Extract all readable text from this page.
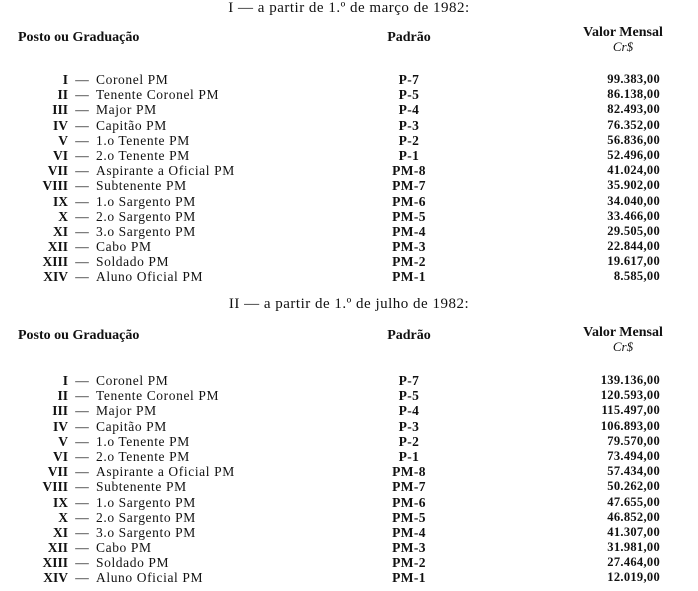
I — a partir de 1.º de março de 1982:
Posto ou Graduação	Padrão	Valor Mensal
Cr$
I — Coronel PM	P-7	99.383,00
II — Tenente Coronel PM	P-5	86.138,00
III — Major PM	P-4	82.493,00
IV — Capitão PM	P-3	76.352,00
V — 1.o Tenente PM	P-2	56.836,00
VI — 2.o Tenente PM	P-1	52.496,00
VII — Aspirante a Oficial PM	PM-8	41.024,00
VIII — Subtenente PM	PM-7	35.902,00
IX — 1.o Sargento PM	PM-6	34.040,00
X — 2.o Sargento PM	PM-5	33.466,00
XI — 3.o Sargento PM	PM-4	29.505,00
XII — Cabo PM	PM-3	22.844,00
XIII — Soldado PM	PM-2	19.617,00
XIV — Aluno Oficial PM	PM-1	8.585,00
II — a partir de 1.º de julho de 1982:
Posto ou Graduação	Padrão	Valor Mensal
Cr$
I — Coronel PM	P-7	139.136,00
II — Tenente Coronel PM	P-5	120.593,00
III — Major PM	P-4	115.497,00
IV — Capitão PM	P-3	106.893,00
V — 1.o Tenente PM	P-2	79.570,00
VI — 2.o Tenente PM	P-1	73.494,00
VII — Aspirante a Oficial PM	PM-8	57.434,00
VIII — Subtenente PM	PM-7	50.262,00
IX — 1.o Sargento PM	PM-6	47.655,00
X — 2.o Sargento PM	PM-5	46.852,00
XI — 3.o Sargento PM	PM-4	41.307,00
XII — Cabo PM	PM-3	31.981,00
XIII — Soldado PM	PM-2	27.464,00
XIV — Aluno Oficial PM	PM-1	12.019,00
